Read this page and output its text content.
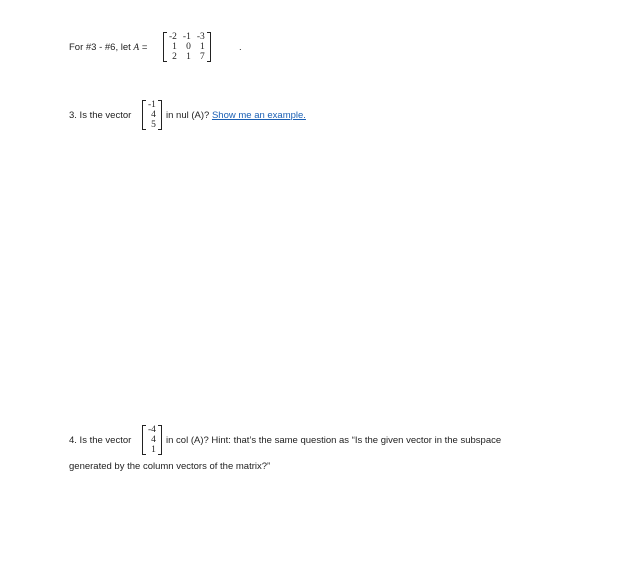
For #3 - #6, let A =
-2 -1 -3
1 0 1
2 1 7
.
3. Is the vector
-1
4
5
in nul (A)? Show me an example.
4. Is the vector
-4
4
1
in col (A)? Hint: that’s the same question as “Is the given vector in the subspace
generated by the column vectors of the matrix?”
